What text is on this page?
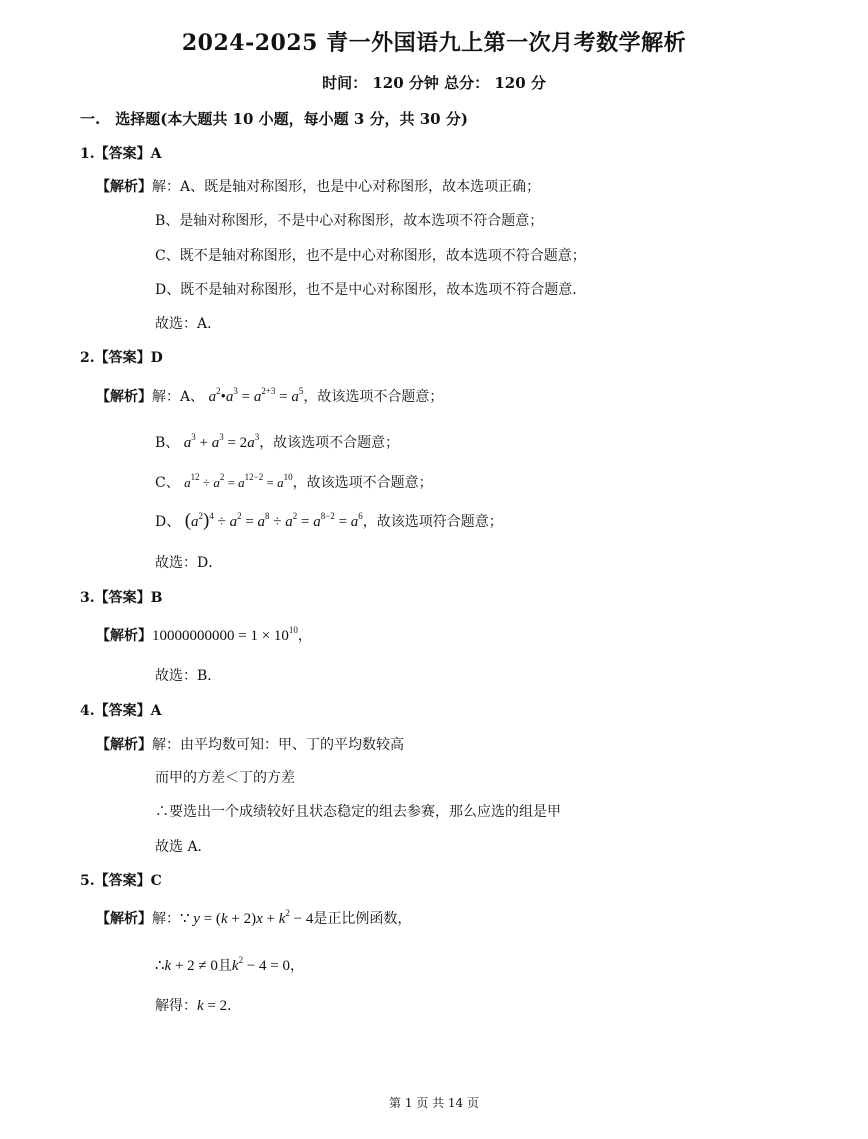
2024-2025 青一外国语九上第一次月考数学解析
时间： 120 分钟 总分： 120 分
一.　选择题(本大题共 10 小题，每小题 3 分，共 30 分)
1.【答案】A
【解析】解：A、既是轴对称图形，也是中心对称图形，故本选项正确；
B、是轴对称图形，不是中心对称图形，故本选项不符合题意；
C、既不是轴对称图形，也不是中心对称图形，故本选项不符合题意；
D、既不是轴对称图形，也不是中心对称图形，故本选项不符合题意．
故选：A．
2.【答案】D
【解析】解：A、 $a^2•a^3 = a^{2+3} = a^5$，故该选项不合题意；
B、 $a^3 + a^3 = 2a^3$，故该选项不合题意；
C、 $a^{12} \div a^2 = a^{12-2} = a^{10}$，故该选项不合题意；
D、 $(a^2)^4 \div a^2 = a^8 \div a^2 = a^{8-2} = a^6$，故该选项符合题意；
故选：D．
3.【答案】B
【解析】$10000000000 = 1 \times 10^{10}$，
故选：B．
4.【答案】A
【解析】解：由平均数可知：甲、丁的平均数较高
而甲的方差＜丁的方差
∴要选出一个成绩较好且状态稳定的组去参赛，那么应选的组是甲
故选 A．
5.【答案】C
【解析】解：∵ $y = (k + 2)x + k^2 - 4$是正比例函数，
∴k + 2 ≠ 0且$k^2 - 4 = 0$，
解得：k = 2．
第 1 页 共 14 页
